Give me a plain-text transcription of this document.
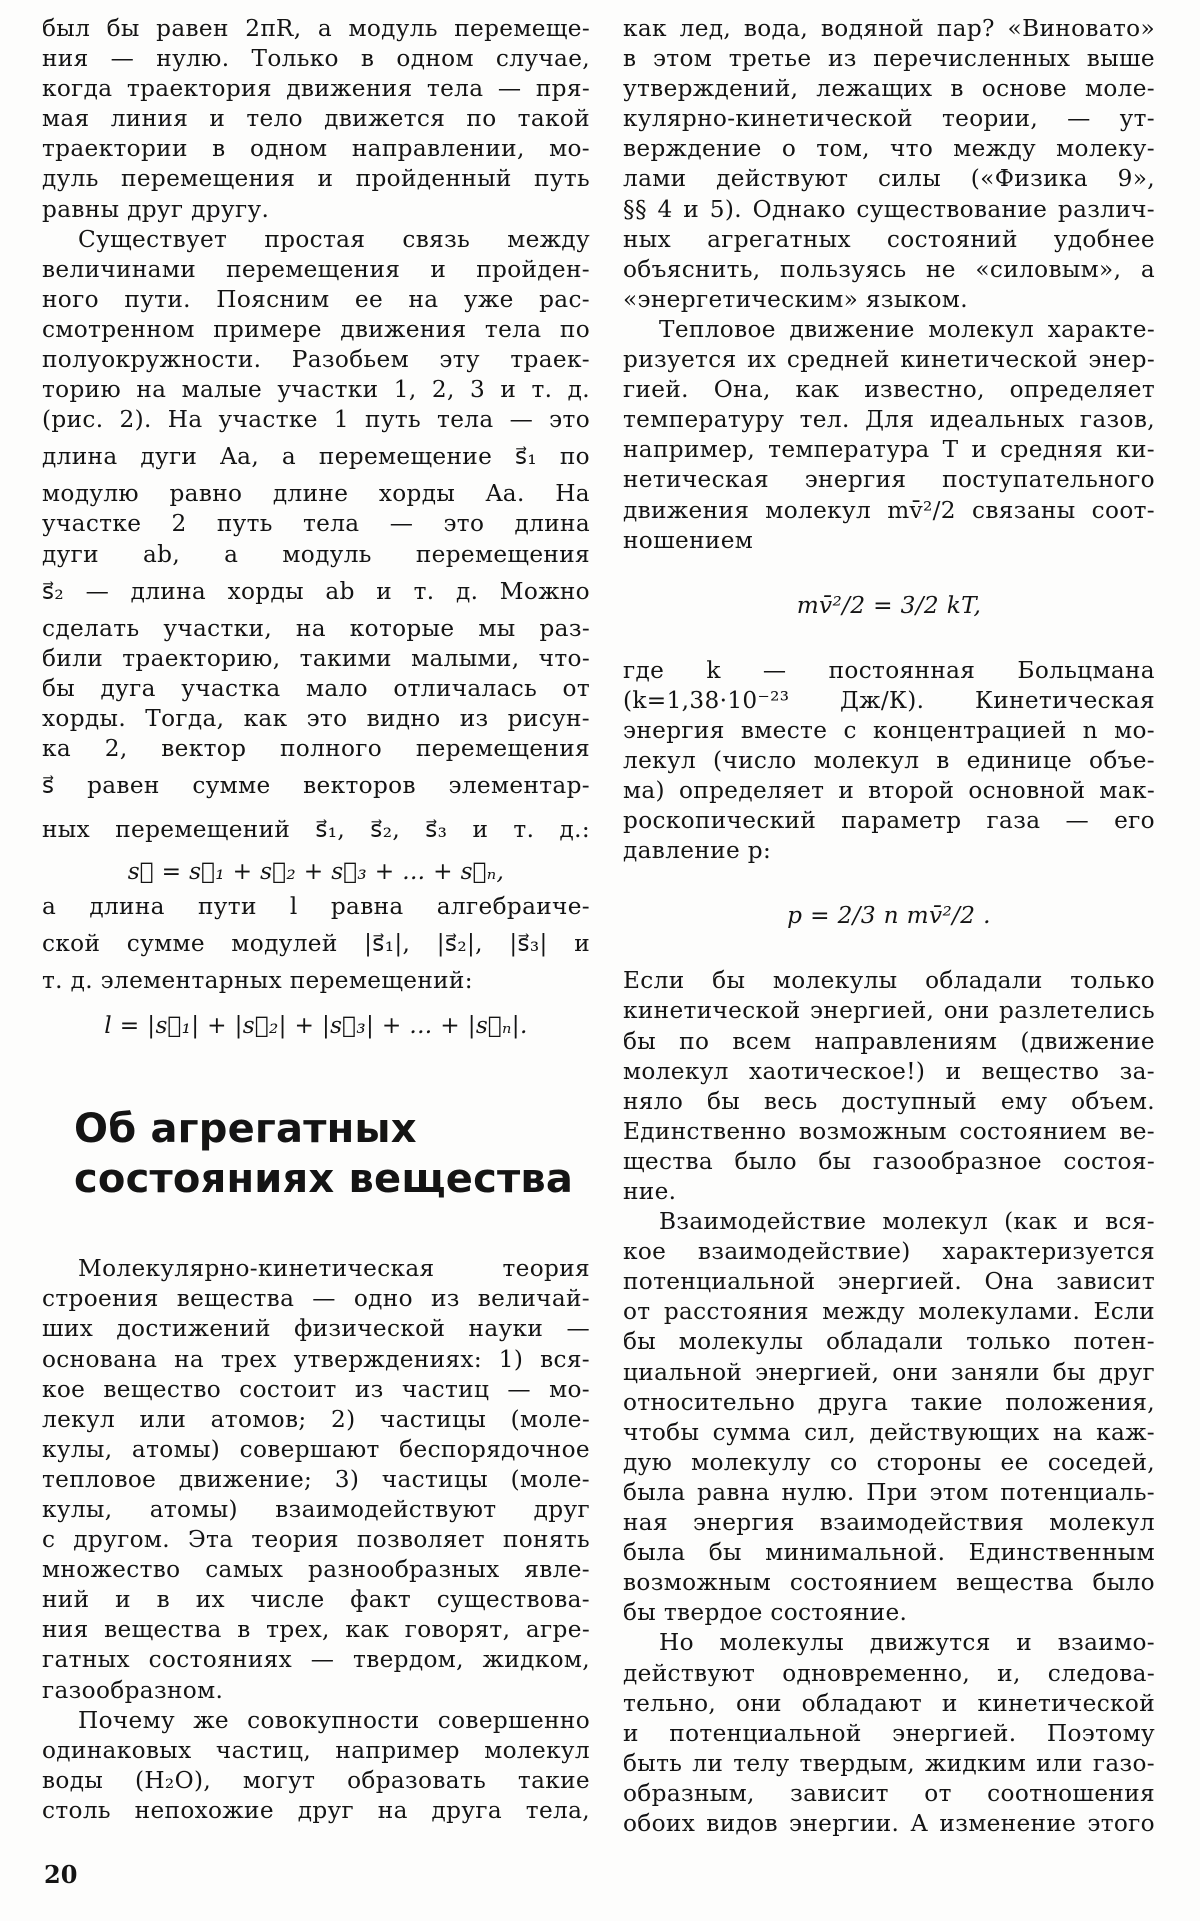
был бы равен 2πR, а модуль перемеще-
ния — нулю. Только в одном случае,
когда траектория движения тела — пря-
мая линия и тело движется по такой
траектории в одном направлении, мо-
дуль перемещения и пройденный путь
равны друг другу.
Существует простая связь между
величинами перемещения и пройден-
ного пути. Поясним ее на уже рас-
смотренном примере движения тела по
полуокружности. Разобьем эту траек-
торию на малые участки 1, 2, 3 и т. д.
(рис. 2). На участке 1 путь тела — это
длина дуги Aa, а перемещение s⃗₁ по
модулю равно длине хорды Aa. На
участке 2 путь тела — это длина
дуги ab, а модуль перемещения
s⃗₂ — длина хорды ab и т. д. Можно
сделать участки, на которые мы раз-
били траекторию, такими малыми, что-
бы дуга участка мало отличалась от
хорды. Тогда, как это видно из рисун-
ка 2, вектор полного перемещения
s⃗ равен сумме векторов элементар-
ных перемещений s⃗₁, s⃗₂, s⃗₃ и т. д.:
s⃗ = s⃗₁ + s⃗₂ + s⃗₃ + ... + s⃗ₙ,
а длина пути l равна алгебраиче-
ской сумме модулей |s⃗₁|, |s⃗₂|, |s⃗₃| и
т. д. элементарных перемещений:
l = |s⃗₁| + |s⃗₂| + |s⃗₃| + ... + |s⃗ₙ|.
Об агрегатных
состояниях вещества
Молекулярно-кинетическая теория
строения вещества — одно из величай-
ших достижений физической науки —
основана на трех утверждениях: 1) вся-
кое вещество состоит из частиц — мо-
лекул или атомов; 2) частицы (моле-
кулы, атомы) совершают беспорядочное
тепловое движение; 3) частицы (моле-
кулы, атомы) взаимодействуют друг
с другом. Эта теория позволяет понять
множество самых разнообразных явле-
ний и в их числе факт существова-
ния вещества в трех, как говорят, агре-
гатных состояниях — твердом, жидком,
газообразном.
Почему же совокупности совершенно
одинаковых частиц, например молекул
воды (H₂O), могут образовать такие
столь непохожие друг на друга тела,
как лед, вода, водяной пар? «Виновато»
в этом третье из перечисленных выше
утверждений, лежащих в основе моле-
кулярно-кинетической теории, — ут-
верждение о том, что между молеку-
лами действуют силы («Физика 9»,
§§ 4 и 5). Однако существование различ-
ных агрегатных состояний удобнее
объяснить, пользуясь не «силовым», а
«энергетическим» языком.
Тепловое движение молекул характе-
ризуется их средней кинетической энер-
гией. Она, как известно, определяет
температуру тел. Для идеальных газов,
например, температура T и средняя ки-
нетическая энергия поступательного
движения молекул mv̄²/2 связаны соот-
ношением
mv̄²/2 = 3/2 kT,
где k — постоянная Больцмана
(k=1,38·10⁻²³ Дж/К). Кинетическая
энергия вместе с концентрацией n мо-
лекул (число молекул в единице объе-
ма) определяет и второй основной мак-
роскопический параметр газа — его
давление p:
p = 2/3 n mv̄²/2 .
Если бы молекулы обладали только
кинетической энергией, они разлетелись
бы по всем направлениям (движение
молекул хаотическое!) и вещество за-
няло бы весь доступный ему объем.
Единственно возможным состоянием ве-
щества было бы газообразное состоя-
ние.
Взаимодействие молекул (как и вся-
кое взаимодействие) характеризуется
потенциальной энергией. Она зависит
от расстояния между молекулами. Если
бы молекулы обладали только потен-
циальной энергией, они заняли бы друг
относительно друга такие положения,
чтобы сумма сил, действующих на каж-
дую молекулу со стороны ее соседей,
была равна нулю. При этом потенциаль-
ная энергия взаимодействия молекул
была бы минимальной. Единственным
возможным состоянием вещества было
бы твердое состояние.
Но молекулы движутся и взаимо-
действуют одновременно, и, следова-
тельно, они обладают и кинетической
и потенциальной энергией. Поэтому
быть ли телу твердым, жидким или газо-
образным, зависит от соотношения
обоих видов энергии. А изменение этого
20
